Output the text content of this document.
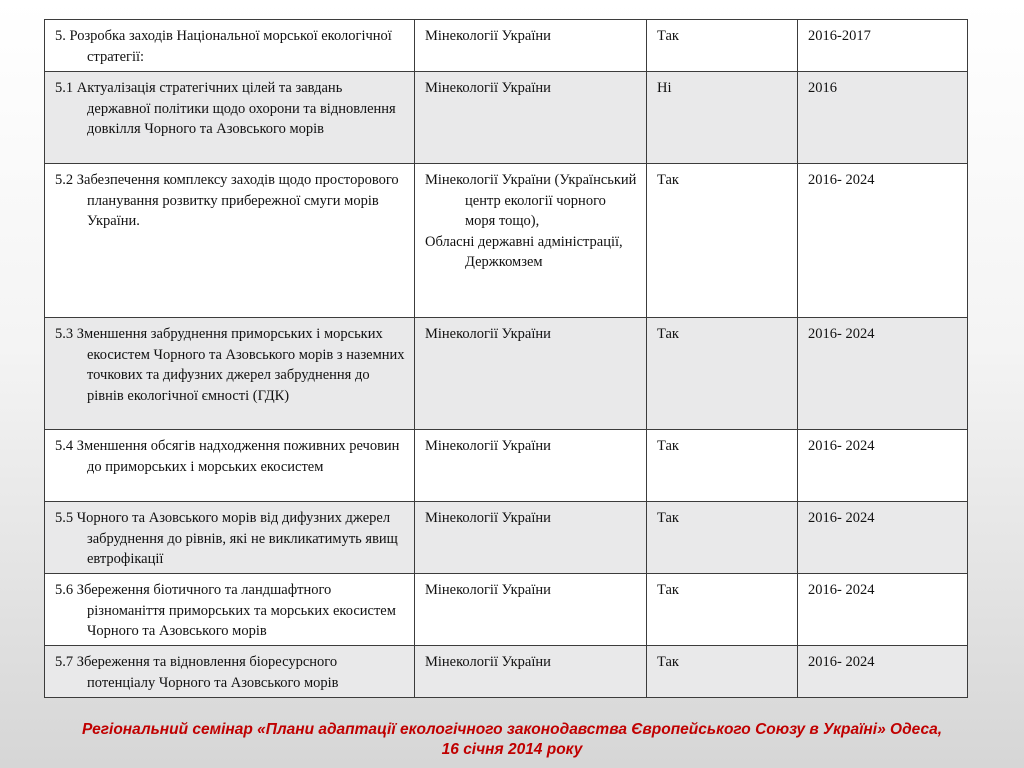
5. Розробка заходів Національної морської екологічної стратегії:	Мінекології України	Так	2016-2017

5.1 Актуалізація стратегічних цілей та завдань державної політики щодо охорони та відновлення довкілля Чорного та Азовського морів	Мінекології України	Ні	2016

5.2 Забезпечення комплексу заходів щодо просторового планування розвитку прибережної смуги морів України.	Мінекології України (Український центр екології чорного моря тощо),
Обласні державні адміністрації, Держкомзем	Так	2016- 2024

5.3 Зменшення забруднення приморських і морських екосистем Чорного та Азовського морів з наземних точкових та дифузних джерел забруднення до рівнів екологічної ємності (ГДК)	Мінекології України	Так	2016- 2024

5.4 Зменшення обсягів надходження поживних речовин до приморських і морських екосистем	Мінекології України	Так	2016- 2024

5.5 Чорного та Азовського морів від дифузних джерел забруднення до рівнів, які не викликатимуть явищ евтрофікації	Мінекології України	Так	2016- 2024

5.6 Збереження біотичного та ландшафтного різноманіття приморських та морських екосистем Чорного та Азовського морів	Мінекології України	Так	2016- 2024

5.7 Збереження та відновлення біоресурсного потенціалу Чорного та Азовського морів	Мінекології України	Так	2016- 2024
Регіональний семінар «Плани адаптації екологічного законодавства Європейського Союзу в Україні» Одеса,
16 січня 2014 року
